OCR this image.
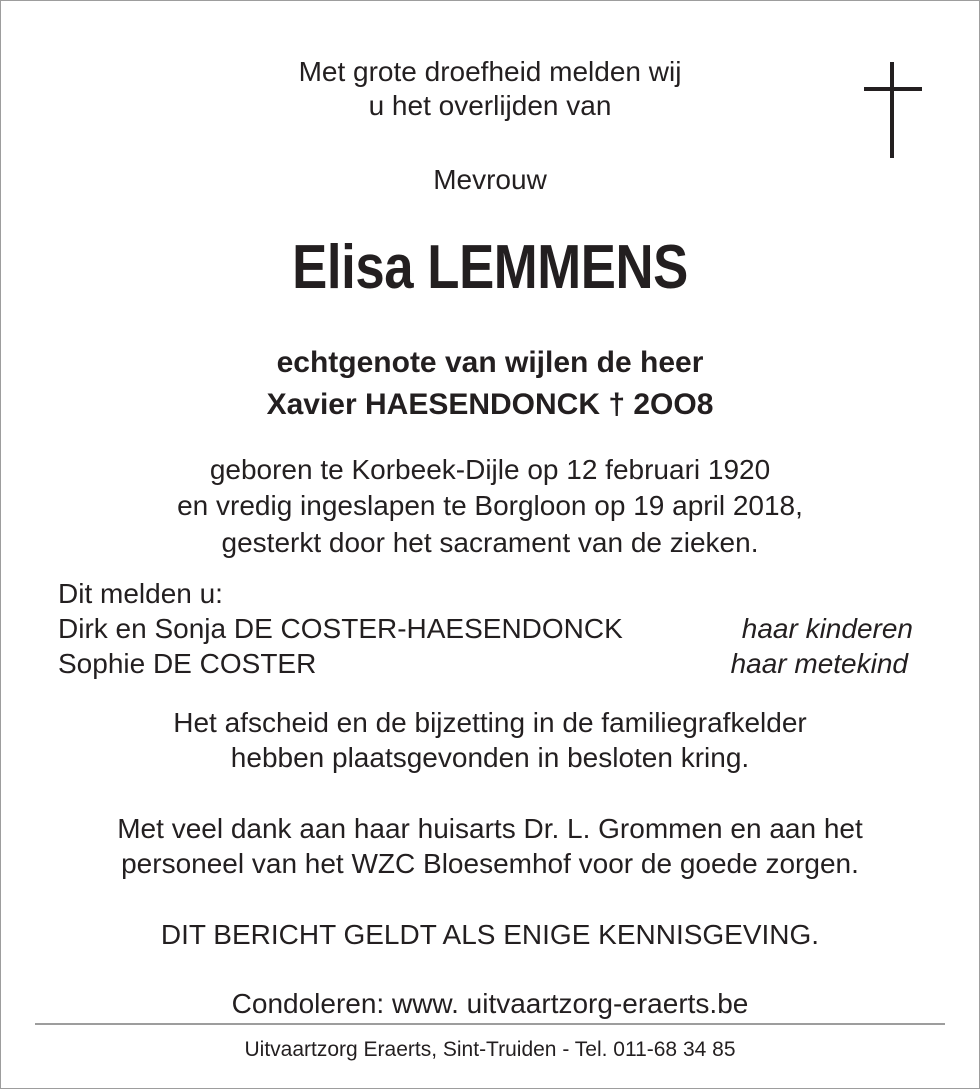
Met grote droefheid melden wij
u het overlijden van
Mevrouw
Elisa LEMMENS
echtgenote van wijlen de heer
Xavier HAESENDONCK † 2OO8
geboren te Korbeek-Dijle op 12 februari 1920
en vredig ingeslapen te Borgloon op 19 april 2018,
gesterkt door het sacrament van de zieken.
Dit melden u:
Dirk en Sonja DE COSTER-HAESENDONCK	haar kinderen
Sophie DE COSTER	haar metekind
Het afscheid en de bijzetting in de familiegrafkelder
hebben plaatsgevonden in besloten kring.
Met veel dank aan haar huisarts Dr. L. Grommen en aan het
personeel van het WZC Bloesemhof voor de goede zorgen.
DIT BERICHT GELDT ALS ENIGE KENNISGEVING.
Condoleren: www. uitvaartzorg-eraerts.be
Uitvaartzorg Eraerts, Sint-Truiden - Tel. 011-68 34 85
